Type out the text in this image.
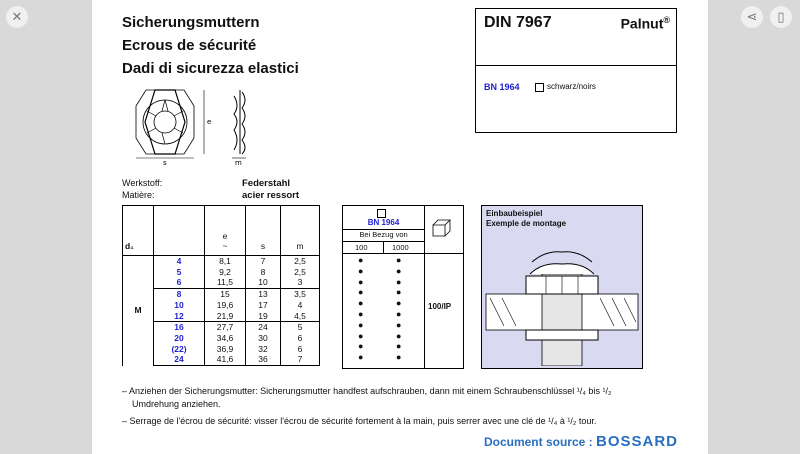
✕	⋖	▯
Sicherungsmuttern
Ecrous de sécurité
Dadi di sicurezza elastici
DIN 7967	Palnut®
BN 1964	schwarz/noirs
s
e
m
Werkstoff:
Matière:
Federstahl
acier ressort
d₁		e
~	s	m
M	4	8,1	7	2,5
	5	9,2	8	2,5
	6	11,5	10	3
	8	15	13	3,5
	10	19,6	17	4
	12	21,9	19	4,5
	16	27,7	24	5
	20	34,6	30	6
	(22)	36,9	32	6
	24	41,6	36	7
BN 1964
Bei Bezug von
100	1000
●	●
●	●
●	●
●	●
●	●
●	●
●	●
●	●
●	●
●	●
100/IP
Einbaubeispiel
Exemple de montage
– Anziehen der Sicherungsmutter: Sicherungsmutter handfest aufschrauben, dann mit einem Schraubenschlüssel ¹/₄ bis ¹/₂
Umdrehung anziehen.
– Serrage de l'écrou de sécurité: visser l'écrou de sécurité fortement à la main, puis serrer avec une clé de ¹/₄ à ¹/₂ tour.
Document source : BOSSARD
